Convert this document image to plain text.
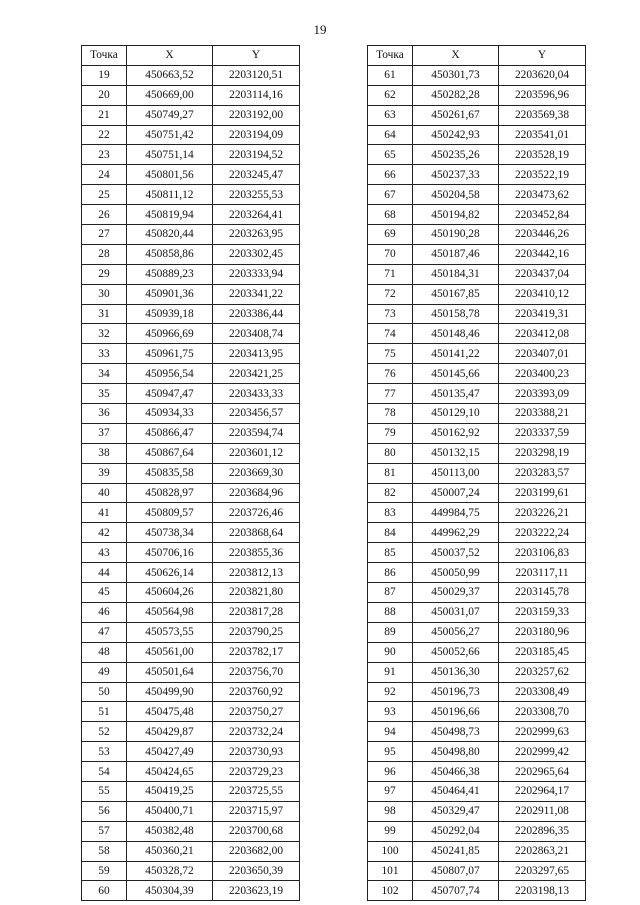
19
Точка	X	Y
19	450663,52	2203120,51
20	450669,00	2203114,16
21	450749,27	2203192,00
22	450751,42	2203194,09
23	450751,14	2203194,52
24	450801,56	2203245,47
25	450811,12	2203255,53
26	450819,94	2203264,41
27	450820,44	2203263,95
28	450858,86	2203302,45
29	450889,23	2203333,94
30	450901,36	2203341,22
31	450939,18	2203386,44
32	450966,69	2203408,74
33	450961,75	2203413,95
34	450956,54	2203421,25
35	450947,47	2203433,33
36	450934,33	2203456,57
37	450866,47	2203594,74
38	450867,64	2203601,12
39	450835,58	2203669,30
40	450828,97	2203684,96
41	450809,57	2203726,46
42	450738,34	2203868,64
43	450706,16	2203855,36
44	450626,14	2203812,13
45	450604,26	2203821,80
46	450564,98	2203817,28
47	450573,55	2203790,25
48	450561,00	2203782,17
49	450501,64	2203756,70
50	450499,90	2203760,92
51	450475,48	2203750,27
52	450429,87	2203732,24
53	450427,49	2203730,93
54	450424,65	2203729,23
55	450419,25	2203725,55
56	450400,71	2203715,97
57	450382,48	2203700,68
58	450360,21	2203682,00
59	450328,72	2203650,39
60	450304,39	2203623,19
Точка	X	Y
61	450301,73	2203620,04
62	450282,28	2203596,96
63	450261,67	2203569,38
64	450242,93	2203541,01
65	450235,26	2203528,19
66	450237,33	2203522,19
67	450204,58	2203473,62
68	450194,82	2203452,84
69	450190,28	2203446,26
70	450187,46	2203442,16
71	450184,31	2203437,04
72	450167,85	2203410,12
73	450158,78	2203419,31
74	450148,46	2203412,08
75	450141,22	2203407,01
76	450145,66	2203400,23
77	450135,47	2203393,09
78	450129,10	2203388,21
79	450162,92	2203337,59
80	450132,15	2203298,19
81	450113,00	2203283,57
82	450007,24	2203199,61
83	449984,75	2203226,21
84	449962,29	2203222,24
85	450037,52	2203106,83
86	450050,99	2203117,11
87	450029,37	2203145,78
88	450031,07	2203159,33
89	450056,27	2203180,96
90	450052,66	2203185,45
91	450136,30	2203257,62
92	450196,73	2203308,49
93	450196,66	2203308,70
94	450498,73	2202999,63
95	450498,80	2202999,42
96	450466,38	2202965,64
97	450464,41	2202964,17
98	450329,47	2202911,08
99	450292,04	2202896,35
100	450241,85	2202863,21
101	450807,07	2203297,65
102	450707,74	2203198,13
